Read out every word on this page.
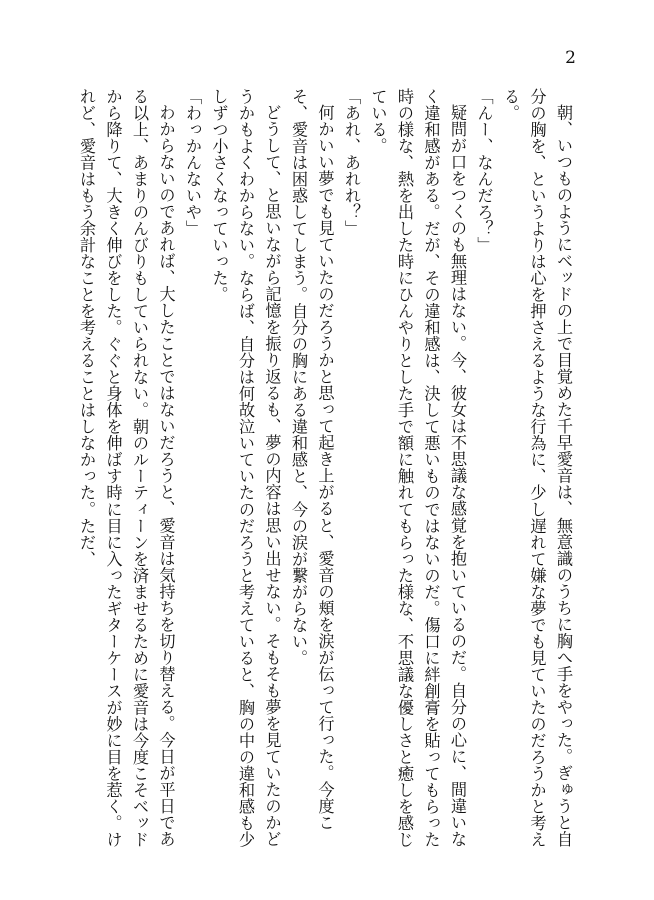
2

朝、いつものようにベッドの上で目覚めた千早愛音は、無意識のうちに胸へ手をやった。ぎゅうと自分の胸を、というよりは心を押さえるような行為に、少し遅れて嫌な夢でも見ていたのだろうかと考える。

「んー、なんだろ？」

疑問が口をつくのも無理はない。今、彼女は不思議な感覚を抱いているのだ。自分の心に、間違いなく違和感がある。だが、その違和感は、決して悪いものではないのだ。傷口に絆創膏を貼ってもらった時の様な、熱を出した時にひんやりとした手で額に触れてもらった様な、不思議な優しさと癒しを感じている。

「あれ、あれれ？」

何かいい夢でも見ていたのだろうかと思って起き上がると、愛音の頬を涙が伝って行った。今度こそ、愛音は困惑してしまう。自分の胸にある違和感と、今の涙が繋がらない。

どうして、と思いながら記憶を振り返るも、夢の内容は思い出せない。そもそも夢を見ていたのかどうかもよくわからない。ならば、自分は何故泣いていたのだろうと考えていると、胸の中の違和感も少しずつ小さくなっていった。

「わっかんないや」

わからないのであれば、大したことではないだろうと、愛音は気持ちを切り替える。今日が平日である以上、あまりのんびりもしていられない。朝のルーティーンを済ませるために愛音は今度こそベッドから降りて、大きく伸びをした。ぐぐと身体を伸ばす時に目に入ったギターケースが妙に目を惹く。けれど、愛音はもう余計なことを考えることはしなかった。ただ、
